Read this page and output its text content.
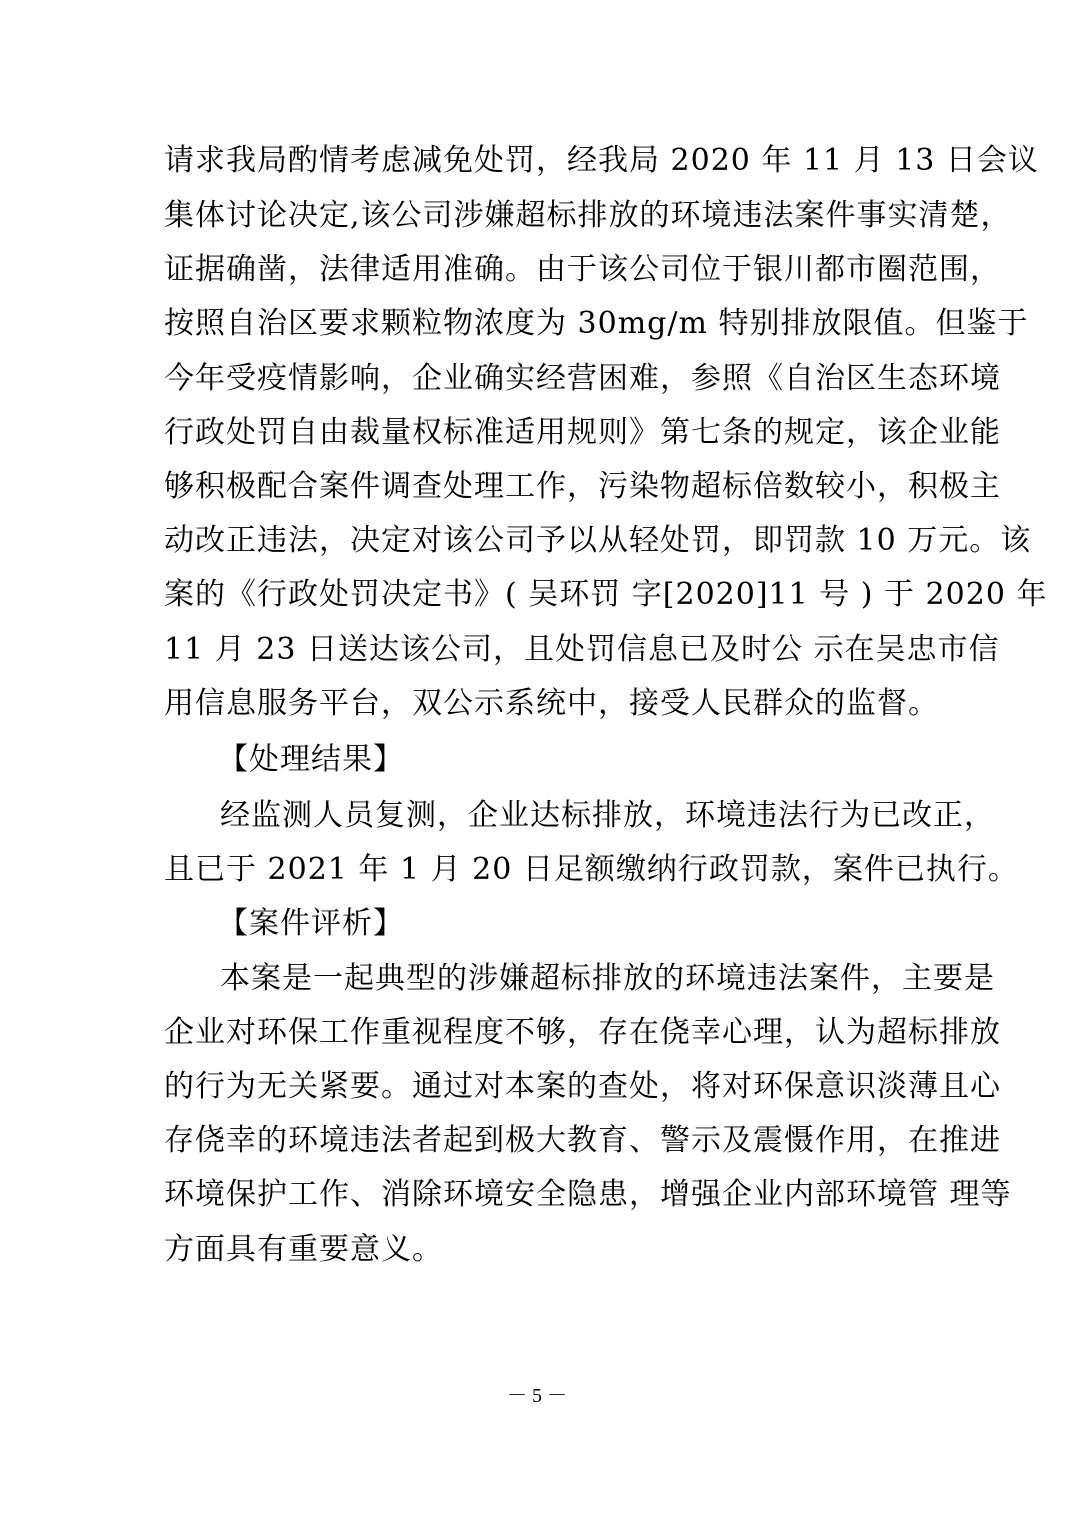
请求我局酌情考虑减免处罚，经我局 2020 年 11 月 13 日会议
集体讨论决定,该公司涉嫌超标排放的环境违法案件事实清楚，
证据确凿，法律适用准确。由于该公司位于银川都市圈范围，
按照自治区要求颗粒物浓度为 30mg/m 特别排放限值。但鉴于
今年受疫情影响，企业确实经营困难，参照《自治区生态环境
行政处罚自由裁量权标准适用规则》第七条的规定，该企业能
够积极配合案件调查处理工作，污染物超标倍数较小，积极主
动改正违法，决定对该公司予以从轻处罚，即罚款 10 万元。该
案的《行政处罚决定书》( 吴环罚 字[2020]11 号 ) 于 2020 年
11 月 23 日送达该公司，且处罚信息已及时公 示在吴忠市信
用信息服务平台，双公示系统中，接受人民群众的监督。
【处理结果】
经监测人员复测，企业达标排放，环境违法行为已改正，
且已于 2021 年 1 月 20 日足额缴纳行政罚款，案件已执行。
【案件评析】
本案是一起典型的涉嫌超标排放的环境违法案件，主要是
企业对环保工作重视程度不够，存在侥幸心理，认为超标排放
的行为无关紧要。通过对本案的查处，将对环保意识淡薄且心
存侥幸的环境违法者起到极大教育、警示及震慑作用，在推进
环境保护工作、消除环境安全隐患，增强企业内部环境管 理等
方面具有重要意义。
－ 5 －
